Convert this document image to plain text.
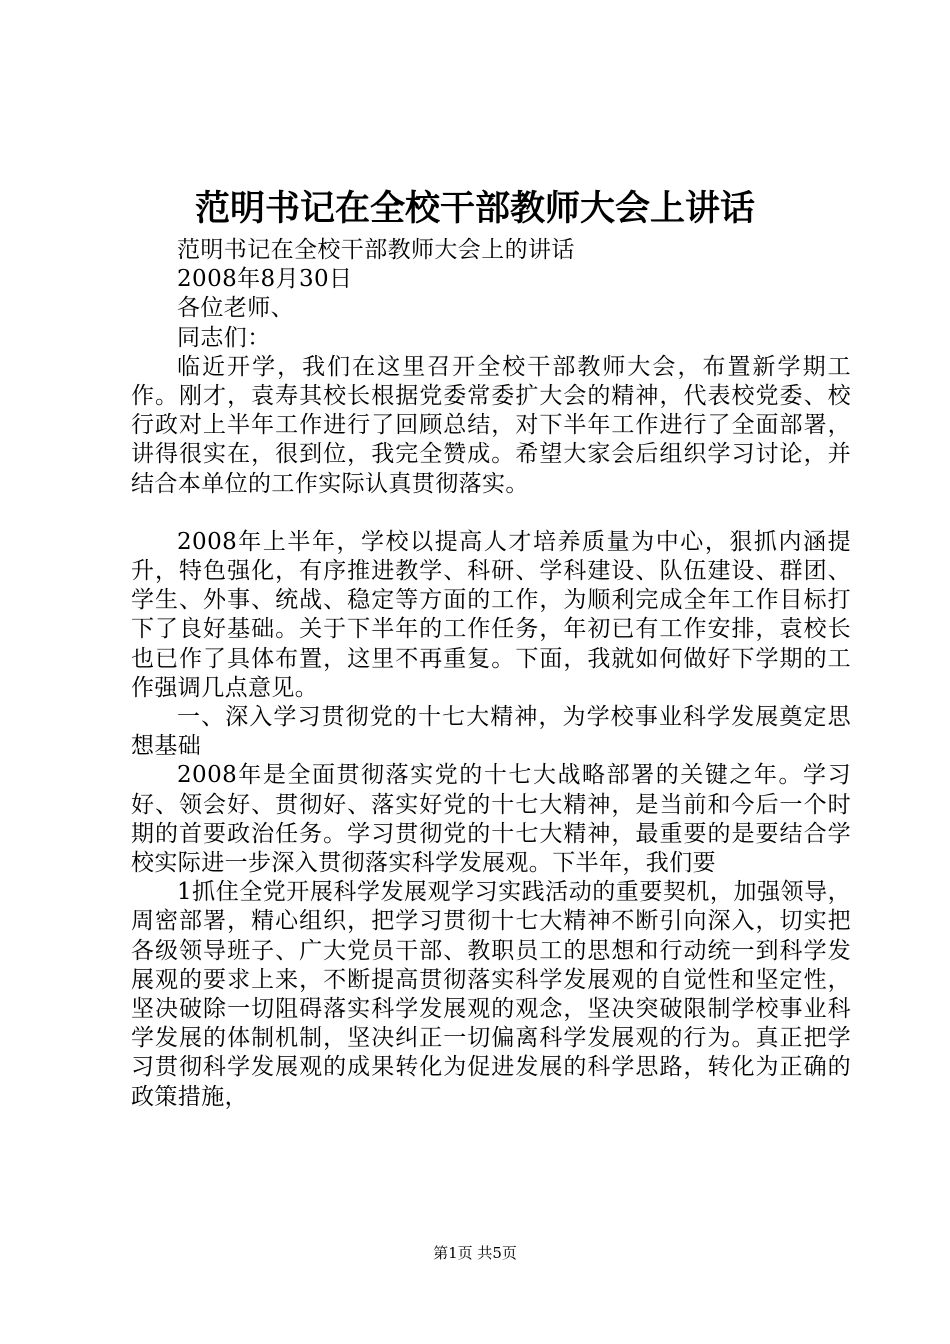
范明书记在全校干部教师大会上讲话

范明书记在全校干部教师大会上的讲话

2008年8月30日

各位老师、

同志们：

临近开学，我们在这里召开全校干部教师大会，布置新学期工作。刚才，袁寿其校长根据党委常委扩大会的精神，代表校党委、校行政对上半年工作进行了回顾总结，对下半年工作进行了全面部署，讲得很实在，很到位，我完全赞成。希望大家会后组织学习讨论，并结合本单位的工作实际认真贯彻落实。

2008年上半年，学校以提高人才培养质量为中心，狠抓内涵提升，特色强化，有序推进教学、科研、学科建设、队伍建设、群团、学生、外事、统战、稳定等方面的工作，为顺利完成全年工作目标打下了良好基础。关于下半年的工作任务，年初已有工作安排，袁校长也已作了具体布置，这里不再重复。下面，我就如何做好下学期的工作强调几点意见。

一、深入学习贯彻党的十七大精神，为学校事业科学发展奠定思想基础

2008年是全面贯彻落实党的十七大战略部署的关键之年。学习好、领会好、贯彻好、落实好党的十七大精神，是当前和今后一个时期的首要政治任务。学习贯彻党的十七大精神，最重要的是要结合学校实际进一步深入贯彻落实科学发展观。下半年，我们要

1抓住全党开展科学发展观学习实践活动的重要契机，加强领导，周密部署，精心组织，把学习贯彻十七大精神不断引向深入，切实把各级领导班子、广大党员干部、教职员工的思想和行动统一到科学发展观的要求上来，不断提高贯彻落实科学发展观的自觉性和坚定性，坚决破除一切阻碍落实科学发展观的观念，坚决突破限制学校事业科学发展的体制机制，坚决纠正一切偏离科学发展观的行为。真正把学习贯彻科学发展观的成果转化为促进发展的科学思路，转化为正确的政策措施，

第1页 共5页
